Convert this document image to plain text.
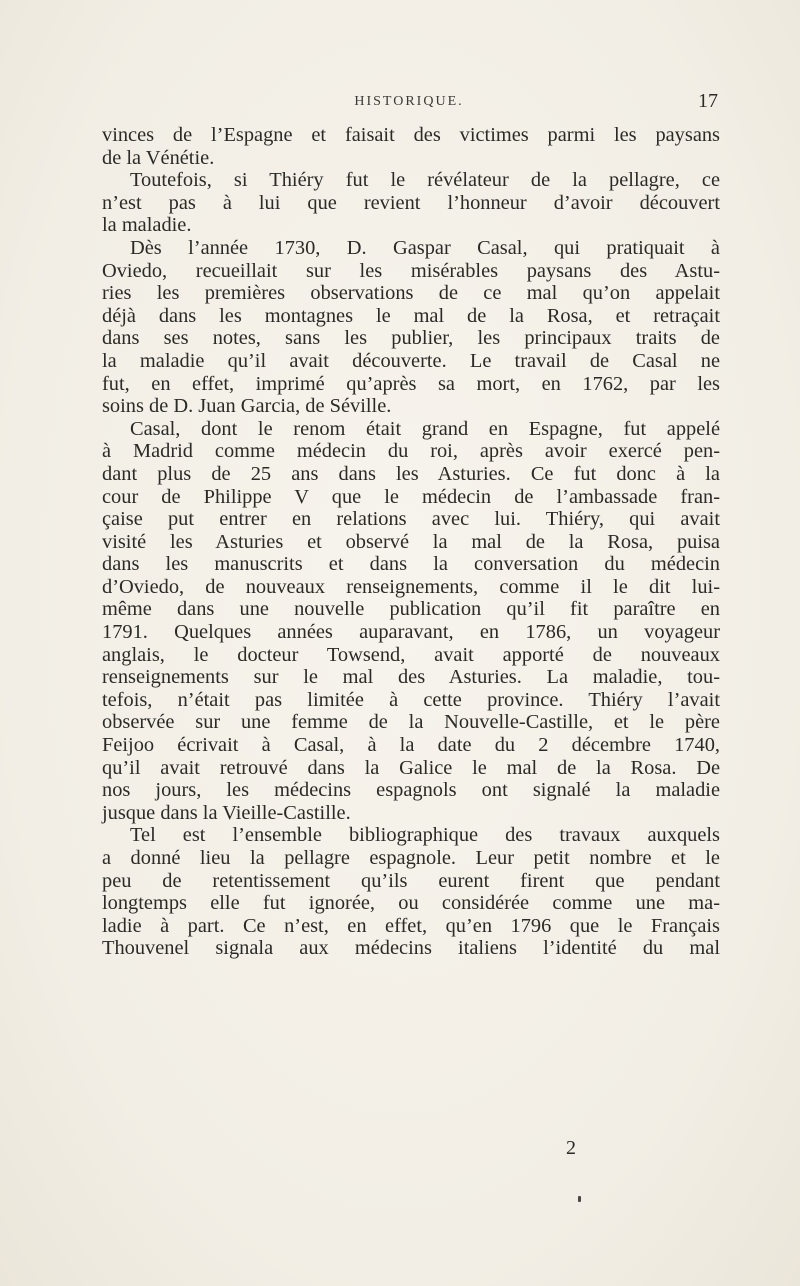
HISTORIQUE.	17
vinces de l’Espagne et faisait des victimes parmi les paysans
de la Vénétie.
Toutefois, si Thiéry fut le révélateur de la pellagre, ce
n’est pas à lui que revient l’honneur d’avoir découvert
la maladie.
Dès l’année 1730, D. Gaspar Casal, qui pratiquait à
Oviedo, recueillait sur les misérables paysans des Astu-
ries les premières observations de ce mal qu’on appelait
déjà dans les montagnes le mal de la Rosa, et retraçait
dans ses notes, sans les publier, les principaux traits de
la maladie qu’il avait découverte. Le travail de Casal ne
fut, en effet, imprimé qu’après sa mort, en 1762, par les
soins de D. Juan Garcia, de Séville.
Casal, dont le renom était grand en Espagne, fut appelé
à Madrid comme médecin du roi, après avoir exercé pen-
dant plus de 25 ans dans les Asturies. Ce fut donc à la
cour de Philippe V que le médecin de l’ambassade fran-
çaise put entrer en relations avec lui. Thiéry, qui avait
visité les Asturies et observé la mal de la Rosa, puisa
dans les manuscrits et dans la conversation du médecin
d’Oviedo, de nouveaux renseignements, comme il le dit lui-
même dans une nouvelle publication qu’il fit paraître en
1791. Quelques années auparavant, en 1786, un voyageur
anglais, le docteur Towsend, avait apporté de nouveaux
renseignements sur le mal des Asturies. La maladie, tou-
tefois, n’était pas limitée à cette province. Thiéry l’avait
observée sur une femme de la Nouvelle-Castille, et le père
Feijoo écrivait à Casal, à la date du 2 décembre 1740,
qu’il avait retrouvé dans la Galice le mal de la Rosa. De
nos jours, les médecins espagnols ont signalé la maladie
jusque dans la Vieille-Castille.
Tel est l’ensemble bibliographique des travaux auxquels
a donné lieu la pellagre espagnole. Leur petit nombre et le
peu de retentissement qu’ils eurent firent que pendant
longtemps elle fut ignorée, ou considérée comme une ma-
ladie à part. Ce n’est, en effet, qu’en 1796 que le Français
Thouvenel signala aux médecins italiens l’identité du mal
2
